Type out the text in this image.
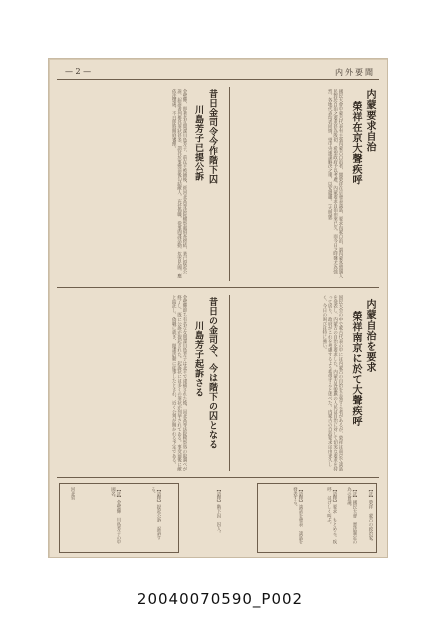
内外要聞
— 2 —
内蒙要求自治
榮祥在京大聲疾呼
國民大會中蒙古代表有主張內蒙古自治者，聞榮祥在京發表談話，要求內蒙自治，謂內蒙各盟旗人民對於自治之要求甚為殷切，希望政府予以考慮，內蒙要求自治由來已久，而今日之呼聲尤為強烈，各地代表均表同情，望中央速謀解決之策，以安邊疆。（大明號）
昔日金司令今作階下囚
川島芳子已提公訴
金璧輝，即著名女間諜川島芳子，前在平被捕後，經河北高等法院檢察處偵查終結，業已提起公訴，起訴書列舉其罪狀甚多，謂其於事變前後勾結敵人，充任偽職，從事間諜活動，危害民國，應依法懲處，不日即將開庭審理。
内蒙自治を要求
榮祥南京に於て大聲疾呼
国民大会の中で蒙古代表の中には内蒙古の自治を主張する者があるが、榮祥は南京で談話を発表し、内蒙古の自治を要求した。内蒙古各盟旗の人民は自治に対して切実な要求を持って居り、政府がこれを考慮するよう希望すると述べた。内蒙古の自治要求は由来久しく、今日の叫びは特に強い。
昔日の金司令、今は階下の囚となる
川島芳子起訴さる
金璧輝即ち有名な女間諜川島芳子は北平で逮捕された後、河北高等法院検察処の取調べが終了し、既に公訴が提起された。起訴状には多くの罪状が列挙されてゐる。事変前後に敵と結託し、偽職に就き、間諜活動に従事したとされ、近く公判が開かれる予定である。
【註】榮祥　蒙古の政治家。
【註】國民大會　憲法制定の為の會議。
【語釋】要求　もとめる。疾呼　はげしく叫ぶ。
【語釋】談話を發表　談話を發表する。
【語釋】階下囚　囚人。
【語釋】提起公訴　起訴する。
【註】金璧輝　川島芳子の中國名。
河北省
20040070590_P002
